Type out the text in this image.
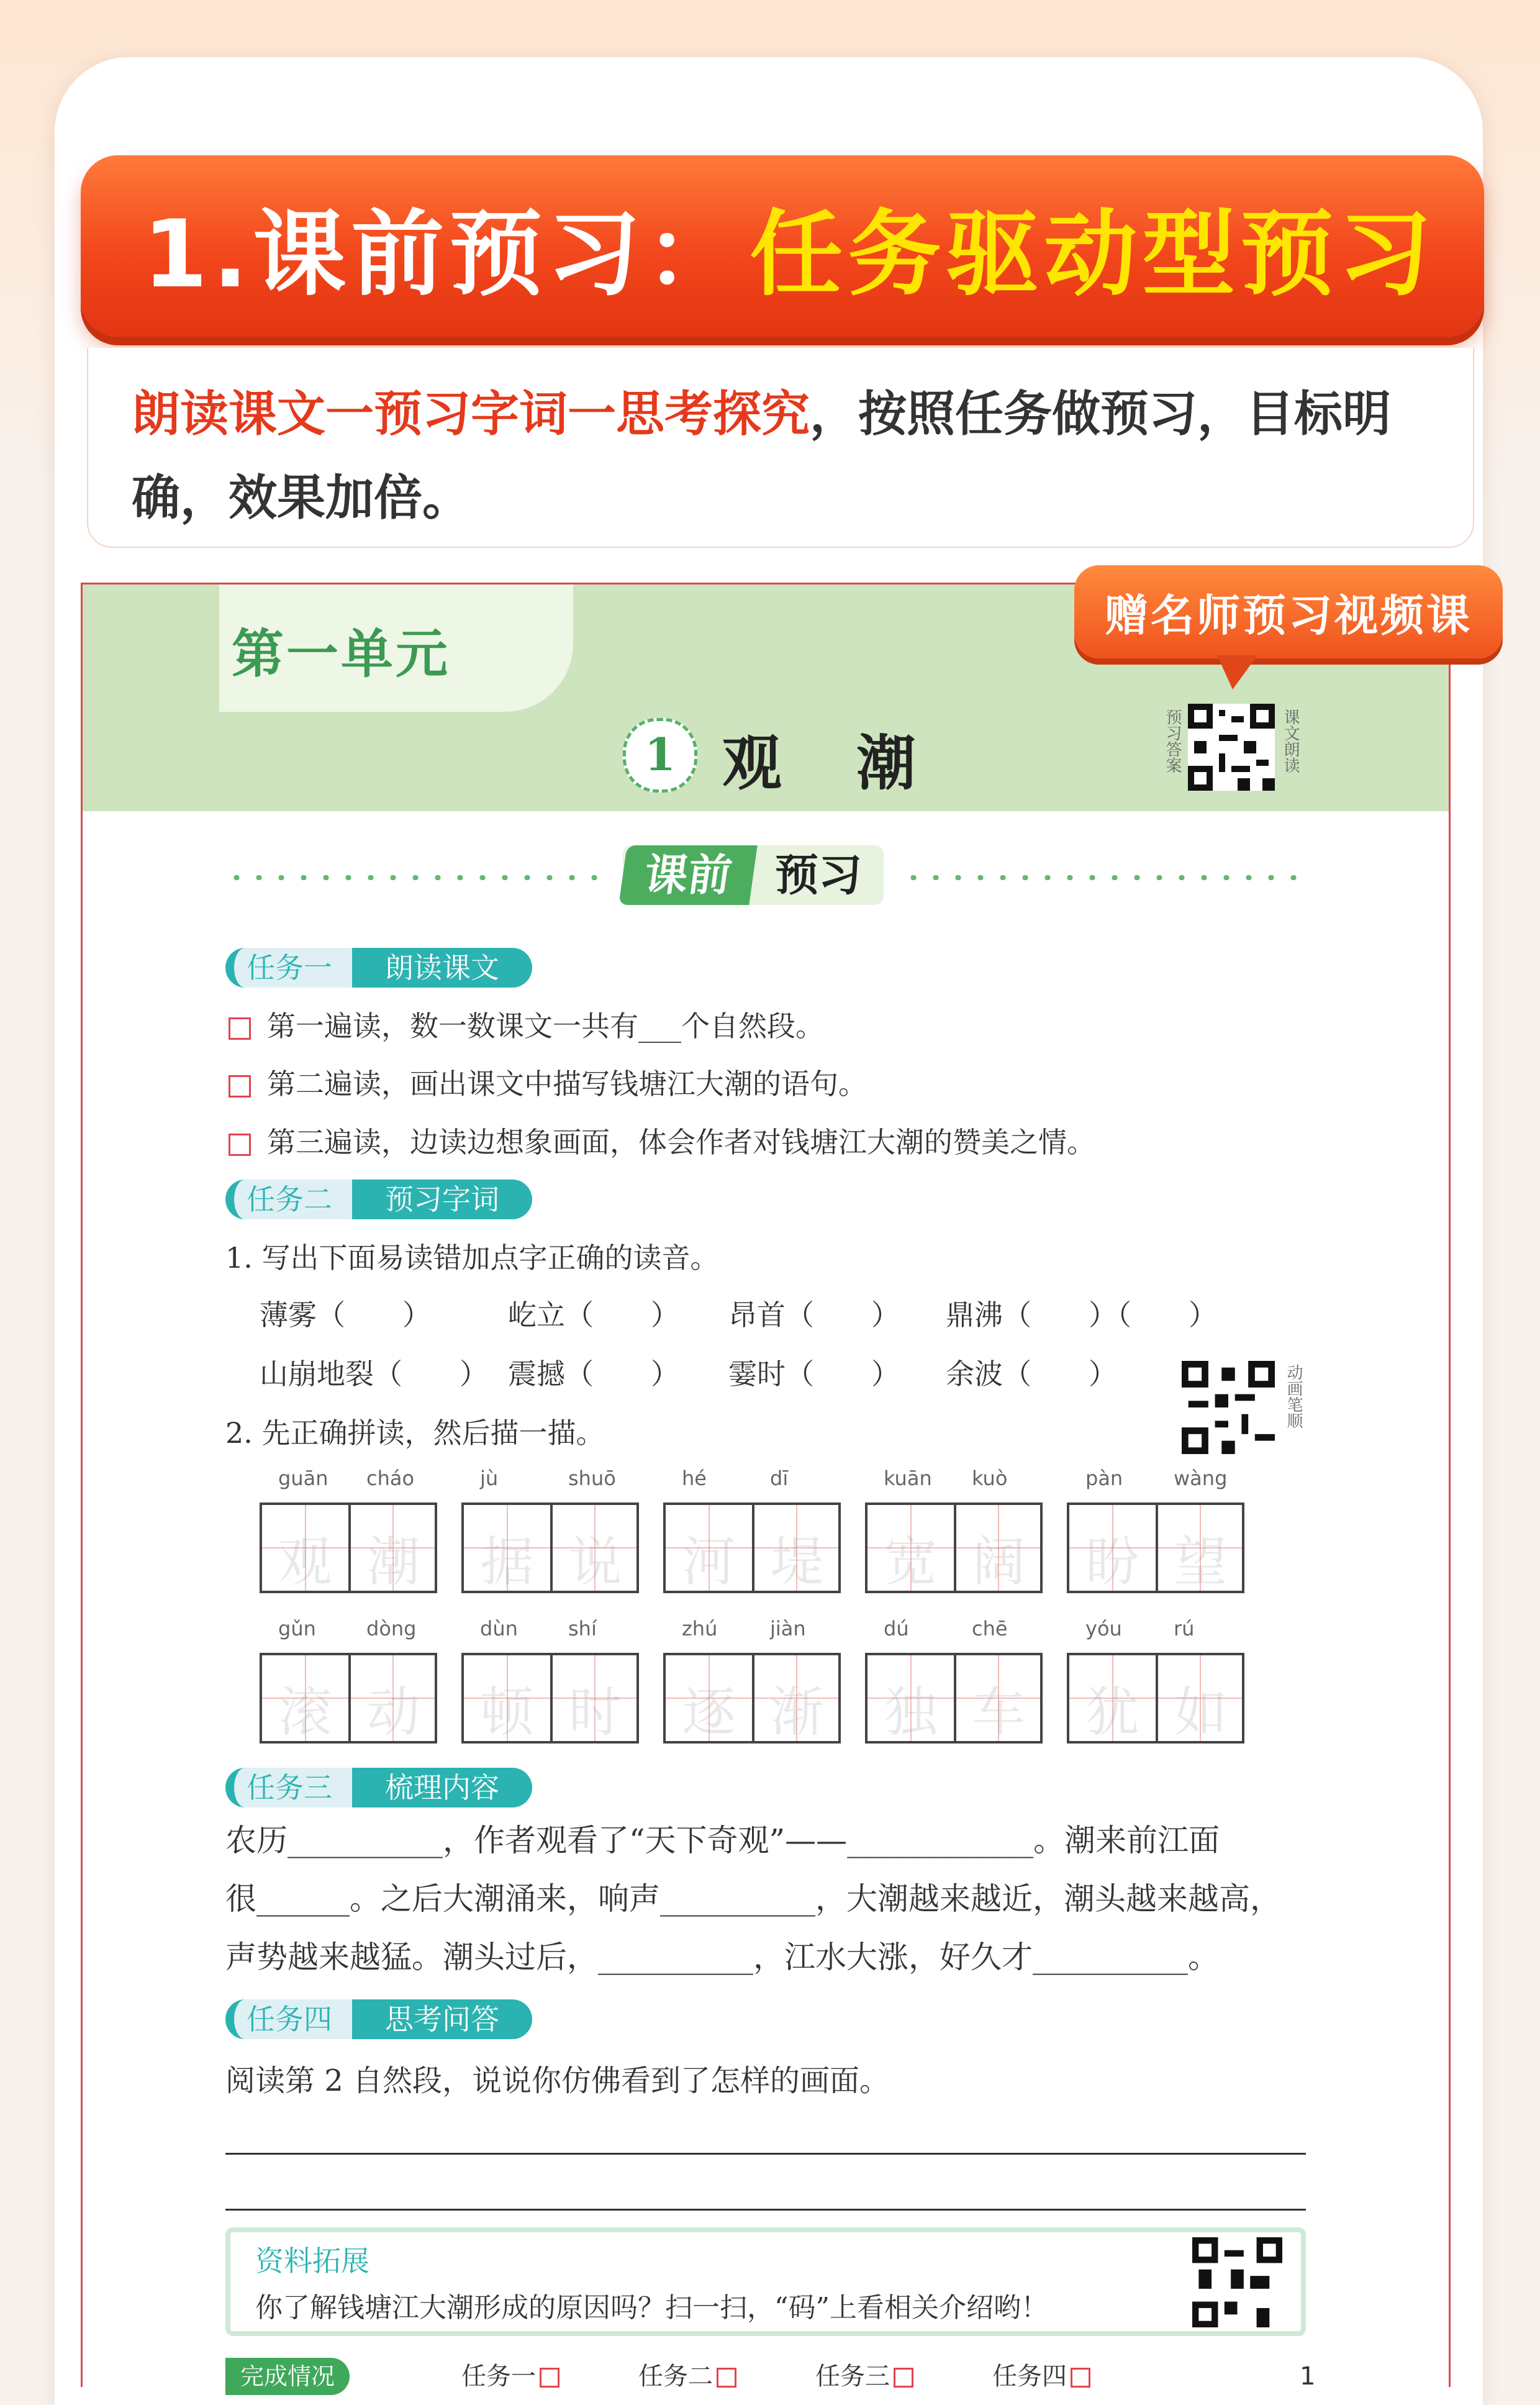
1.课前预习： 任务驱动型预习

朗读课文一预习字词一思考探究，按照任务做预习，目标明确，效果加倍。

第一单元
1 观潮	预习答案	课文朗读
课前 预习
任务一	朗读课文
第一遍读，数一数课文一共有___个自然段。
第二遍读，画出课文中描写钱塘江大潮的语句。
第三遍读，边读边想象画面，体会作者对钱塘江大潮的赞美之情。
任务二	预习字词
1. 写出下面易读错加点字正确的读音。
薄雾（　　）	屹立（　　） 昂首（　　） 鼎沸（　　）（　　）
山崩地裂（　　） 震撼（　　） 霎时（　　） 余波（　　）	动画笔顺
2. 先正确拼读，然后描一描。
guān cháo
观 潮
jù	shuō
据 说
hé	dī
河 堤
kuān kuò
宽 阔
pàn	wàng
盼 望
gǔn	dòng
滚 动
dùn	shí
顿 时
zhú	jiàn
逐 渐
dú	chē
独 车
yóu	rú
犹 如
任务三	梳理内容
农历__________，作者观看了“天下奇观”——____________。潮来前江面
很______。之后大潮涌来，响声__________，大潮越来越近，潮头越来越高，
声势越来越猛。潮头过后，__________，江水大涨，好久才__________。
任务四	思考问答
阅读第 2 自然段，说说你仿佛看到了怎样的画面。
资料拓展
你了解钱塘江大潮形成的原因吗？扫一扫，“码”上看相关介绍哟！
完成情况	任务一	任务二	任务三	任务四	1
赠名师预习视频课
